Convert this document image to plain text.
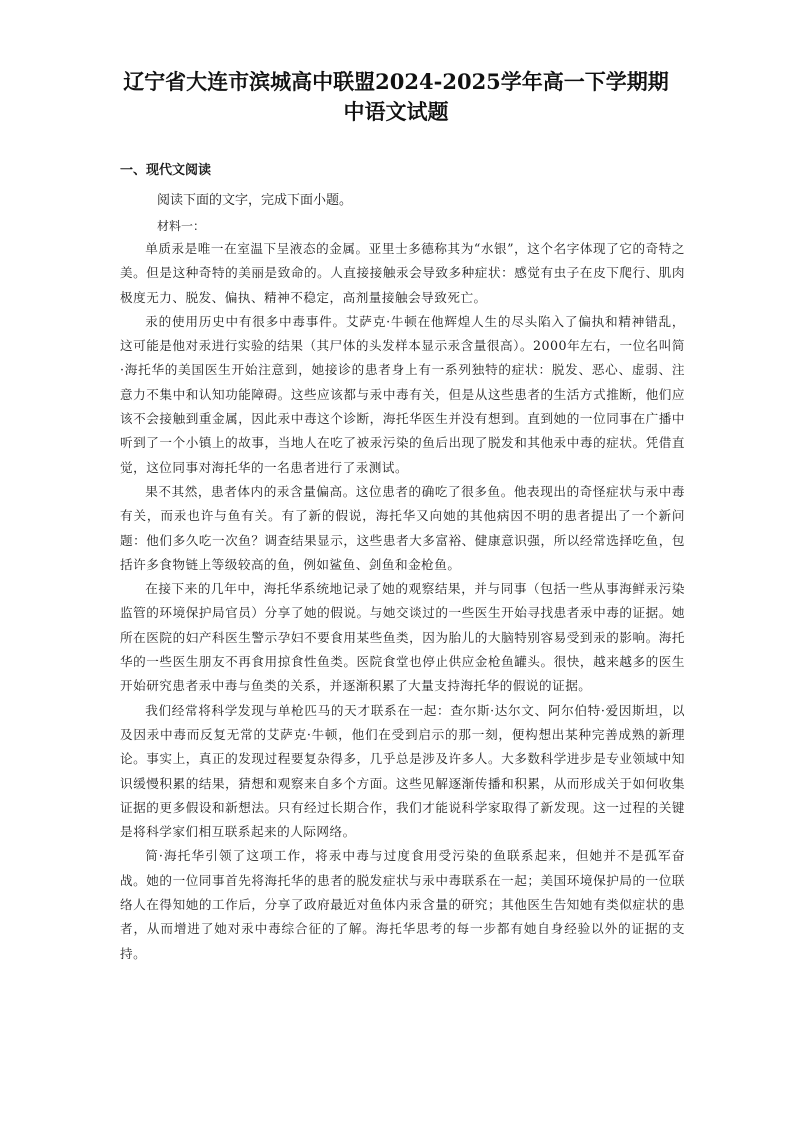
辽宁省大连市滨城高中联盟2024-2025学年高一下学期期
中语文试题
一、现代文阅读
阅读下面的文字，完成下面小题。
材料一：

单质汞是唯一在室温下呈液态的金属。亚里士多德称其为“水银”，这个名字体现了它的奇特之美。但是这种奇特的美丽是致命的。人直接接触汞会导致多种症状：感觉有虫子在皮下爬行、肌肉极度无力、脱发、偏执、精神不稳定，高剂量接触会导致死亡。

汞的使用历史中有很多中毒事件。艾萨克·牛顿在他辉煌人生的尽头陷入了偏执和精神错乱，这可能是他对汞进行实验的结果（其尸体的头发样本显示汞含量很高）。2000年左右，一位名叫简·海托华的美国医生开始注意到，她接诊的患者身上有一系列独特的症状：脱发、恶心、虚弱、注意力不集中和认知功能障碍。这些应该都与汞中毒有关，但是从这些患者的生活方式推断，他们应该不会接触到重金属，因此汞中毒这个诊断，海托华医生并没有想到。直到她的一位同事在广播中听到了一个小镇上的故事，当地人在吃了被汞污染的鱼后出现了脱发和其他汞中毒的症状。凭借直觉，这位同事对海托华的一名患者进行了汞测试。

果不其然，患者体内的汞含量偏高。这位患者的确吃了很多鱼。他表现出的奇怪症状与汞中毒有关，而汞也许与鱼有关。有了新的假说，海托华又向她的其他病因不明的患者提出了一个新问题：他们多久吃一次鱼？调查结果显示，这些患者大多富裕、健康意识强，所以经常选择吃鱼，包括许多食物链上等级较高的鱼，例如鲨鱼、剑鱼和金枪鱼。

在接下来的几年中，海托华系统地记录了她的观察结果，并与同事（包括一些从事海鲜汞污染监管的环境保护局官员）分享了她的假说。与她交谈过的一些医生开始寻找患者汞中毒的证据。她所在医院的妇产科医生警示孕妇不要食用某些鱼类，因为胎儿的大脑特别容易受到汞的影响。海托华的一些医生朋友不再食用掠食性鱼类。医院食堂也停止供应金枪鱼罐头。很快，越来越多的医生开始研究患者汞中毒与鱼类的关系，并逐渐积累了大量支持海托华的假说的证据。

我们经常将科学发现与单枪匹马的天才联系在一起：查尔斯·达尔文、阿尔伯特·爱因斯坦，以及因汞中毒而反复无常的艾萨克·牛顿，他们在受到启示的那一刻，便构想出某种完善成熟的新理论。事实上，真正的发现过程要复杂得多，几乎总是涉及许多人。大多数科学进步是专业领域中知识缓慢积累的结果，猜想和观察来自多个方面。这些见解逐渐传播和积累，从而形成关于如何收集证据的更多假设和新想法。只有经过长期合作，我们才能说科学家取得了新发现。这一过程的关键是将科学家们相互联系起来的人际网络。

简·海托华引领了这项工作，将汞中毒与过度食用受污染的鱼联系起来，但她并不是孤军奋战。她的一位同事首先将海托华的患者的脱发症状与汞中毒联系在一起；美国环境保护局的一位联络人在得知她的工作后，分享了政府最近对鱼体内汞含量的研究；其他医生告知她有类似症状的患者，从而增进了她对汞中毒综合征的了解。海托华思考的每一步都有她自身经验以外的证据的支持。
